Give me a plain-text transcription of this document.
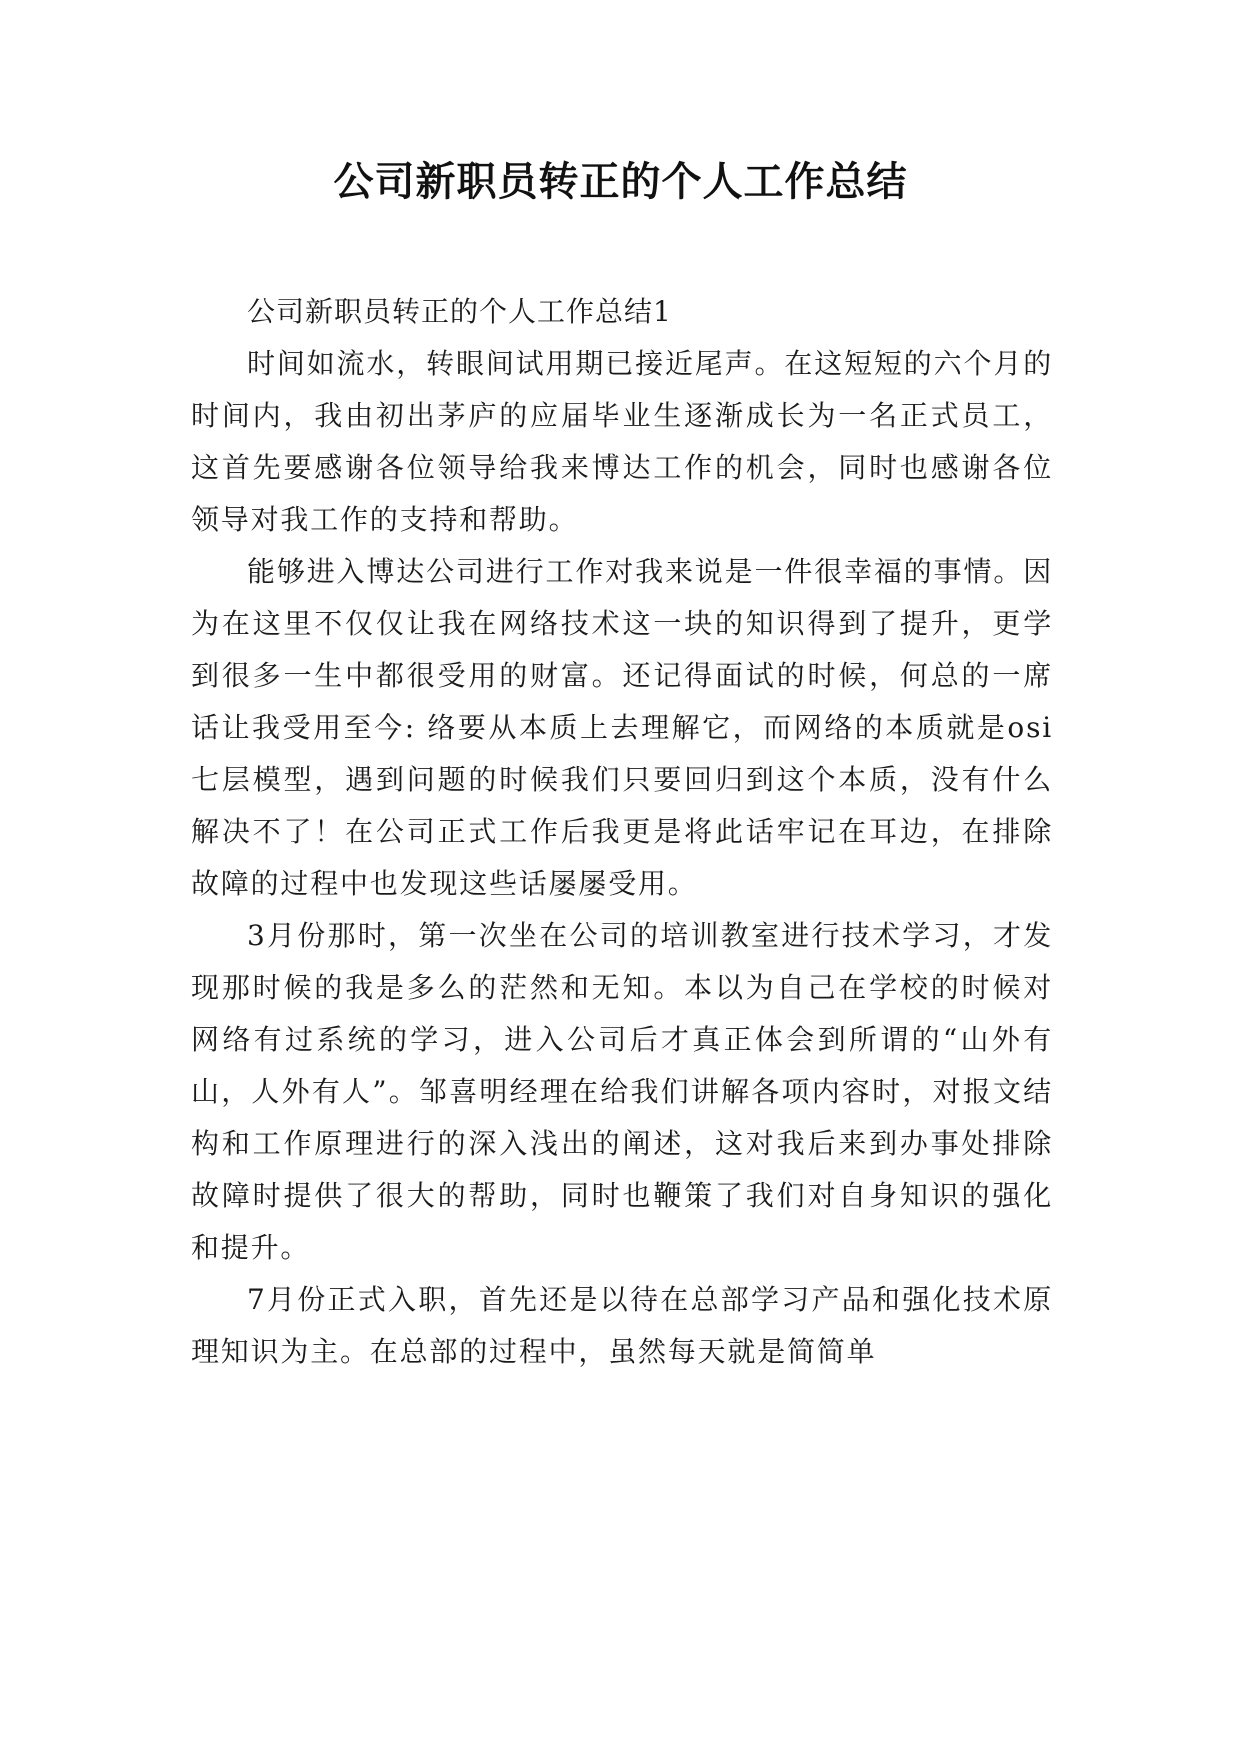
公司新职员转正的个人工作总结

公司新职员转正的个人工作总结1

时间如流水，转眼间试用期已接近尾声。在这短短的六个月的时间内，我由初出茅庐的应届毕业生逐渐成长为一名正式员工，这首先要感谢各位领导给我来博达工作的机会，同时也感谢各位领导对我工作的支持和帮助。

能够进入博达公司进行工作对我来说是一件很幸福的事情。因为在这里不仅仅让我在网络技术这一块的知识得到了提升，更学到很多一生中都很受用的财富。还记得面试的时候，何总的一席话让我受用至今: 络要从本质上去理解它，而网络的本质就是osi七层模型，遇到问题的时候我们只要回归到这个本质，没有什么解决不了！在公司正式工作后我更是将此话牢记在耳边，在排除故障的过程中也发现这些话屡屡受用。

3月份那时，第一次坐在公司的培训教室进行技术学习，才发现那时候的我是多么的茫然和无知。本以为自己在学校的时候对网络有过系统的学习，进入公司后才真正体会到所谓的“山外有山，人外有人”。邹喜明经理在给我们讲解各项内容时，对报文结构和工作原理进行的深入浅出的阐述，这对我后来到办事处排除故障时提供了很大的帮助，同时也鞭策了我们对自身知识的强化和提升。

7月份正式入职，首先还是以待在总部学习产品和强化技术原理知识为主。在总部的过程中，虽然每天就是简简单
